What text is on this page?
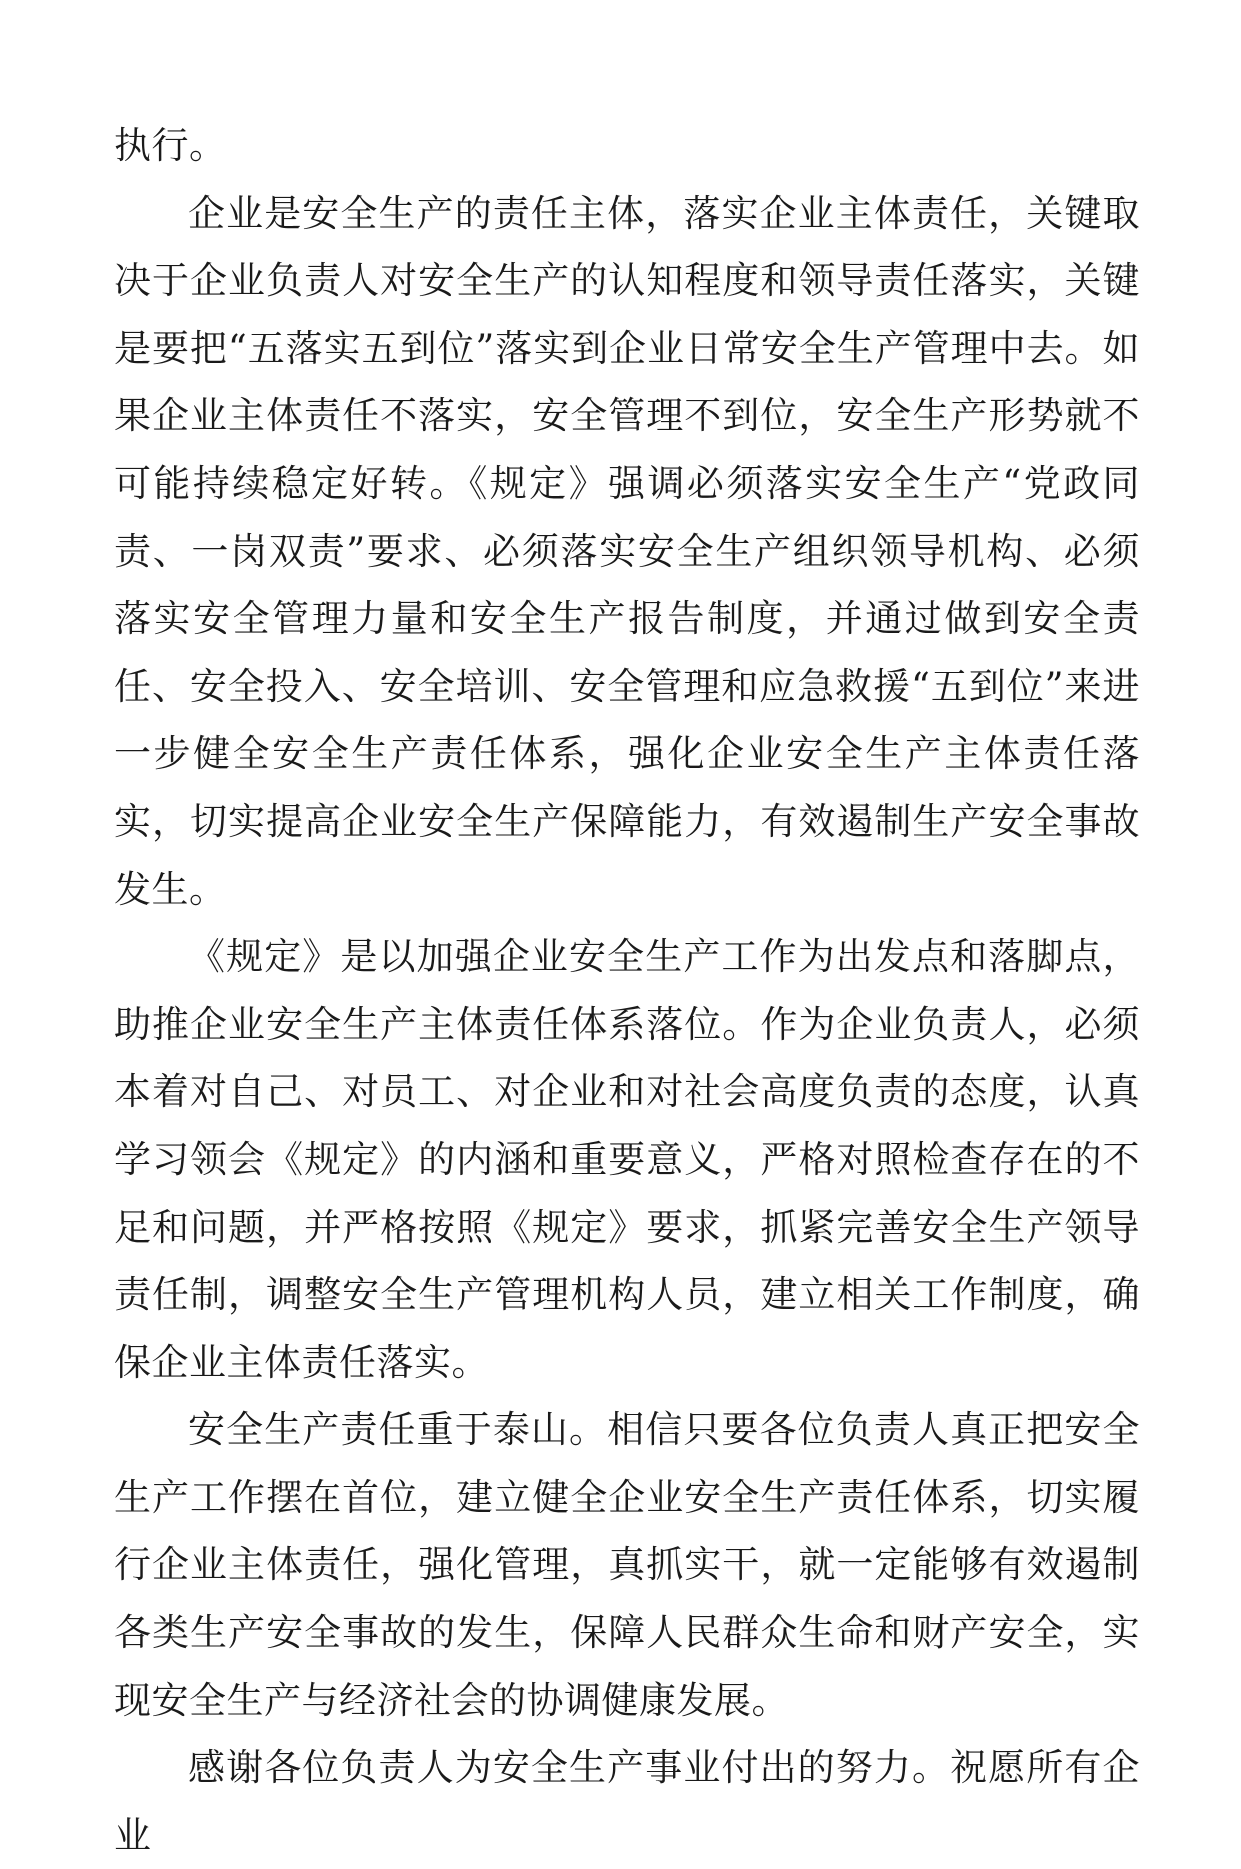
执行。

企业是安全生产的责任主体，落实企业主体责任，关键取决于企业负责人对安全生产的认知程度和领导责任落实，关键是要把“五落实五到位”落实到企业日常安全生产管理中去。如果企业主体责任不落实，安全管理不到位，安全生产形势就不可能持续稳定好转。《规定》强调必须落实安全生产“党政同责、一岗双责”要求、必须落实安全生产组织领导机构、必须落实安全管理力量和安全生产报告制度，并通过做到安全责任、安全投入、安全培训、安全管理和应急救援“五到位”来进一步健全安全生产责任体系，强化企业安全生产主体责任落实，切实提高企业安全生产保障能力，有效遏制生产安全事故发生。

《规定》是以加强企业安全生产工作为出发点和落脚点，助推企业安全生产主体责任体系落位。作为企业负责人，必须本着对自己、对员工、对企业和对社会高度负责的态度，认真学习领会《规定》的内涵和重要意义，严格对照检查存在的不足和问题，并严格按照《规定》要求，抓紧完善安全生产领导责任制，调整安全生产管理机构人员，建立相关工作制度，确保企业主体责任落实。

安全生产责任重于泰山。相信只要各位负责人真正把安全生产工作摆在首位，建立健全企业安全生产责任体系，切实履行企业主体责任，强化管理，真抓实干，就一定能够有效遏制各类生产安全事故的发生，保障人民群众生命和财产安全，实现安全生产与经济社会的协调健康发展。

感谢各位负责人为安全生产事业付出的努力。祝愿所有企业
